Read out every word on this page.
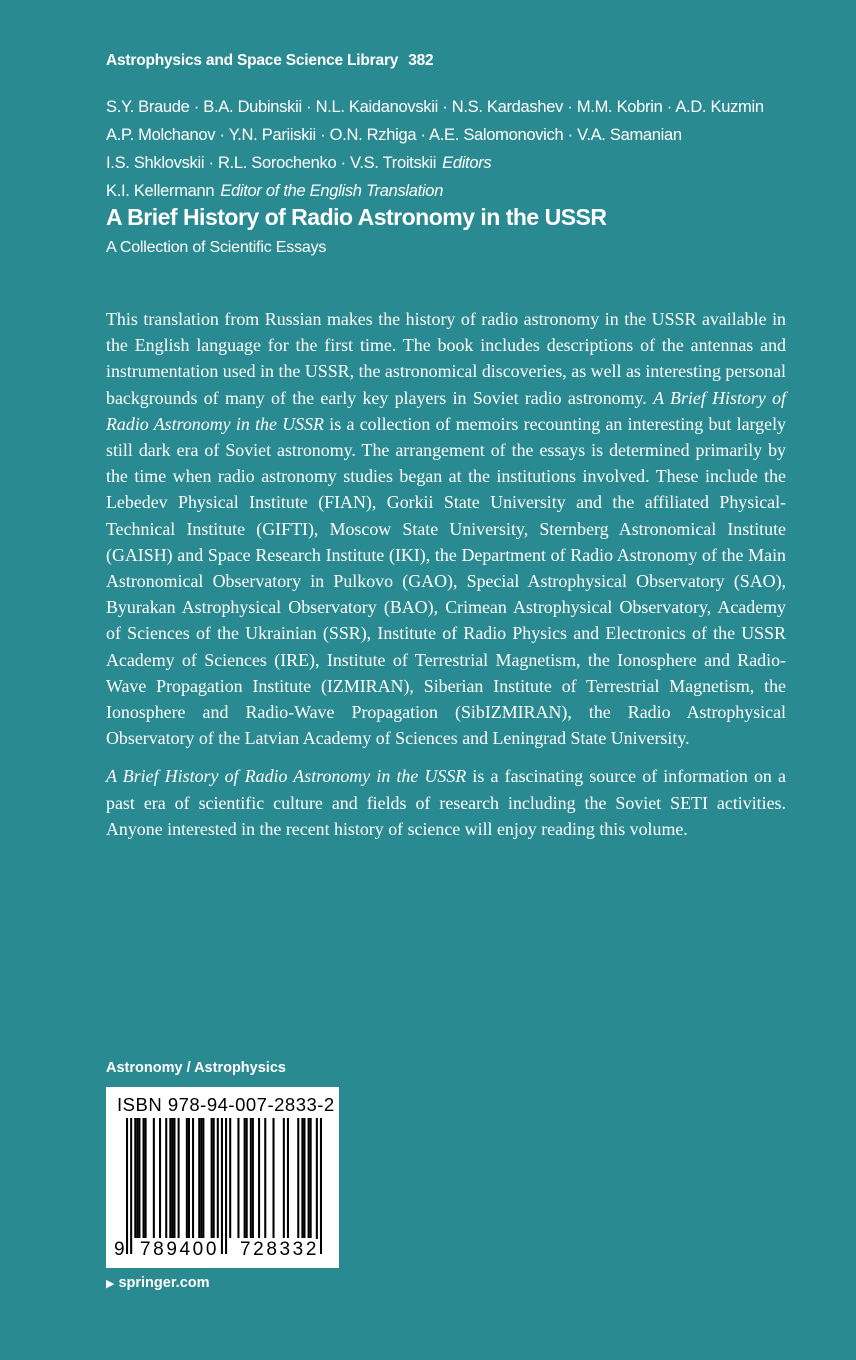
Astrophysics and Space Science Library 382
S.Y. Braude · B.A. Dubinskii · N.L. Kaidanovskii · N.S. Kardashev · M.M. Kobrin · A.D. Kuzmin
A.P. Molchanov · Y.N. Pariiskii · O.N. Rzhiga · A.E. Salomonovich · V.A. Samanian
I.S. Shklovskii · R.L. Sorochenko · V.S. Troitskii Editors
K.I. Kellermann Editor of the English Translation
A Brief History of Radio Astronomy in the USSR
A Collection of Scientific Essays

This translation from Russian makes the history of radio astronomy in the USSR available in the English language for the first time. The book includes descriptions of the antennas and instrumentation used in the USSR, the astronomical discoveries, as well as interesting personal backgrounds of many of the early key players in Soviet radio astronomy. A Brief History of Radio Astronomy in the USSR is a collection of memoirs recounting an interesting but largely still dark era of Soviet astronomy. The arrangement of the essays is determined primarily by the time when radio astronomy studies began at the institutions involved. These include the Lebedev Physical Institute (FIAN), Gorkii State University and the affiliated Physical-Technical Institute (GIFTI), Moscow State University, Sternberg Astronomical Institute (GAISH) and Space Research Institute (IKI), the Department of Radio Astronomy of the Main Astronomical Observatory in Pulkovo (GAO), Special Astrophysical Observatory (SAO), Byurakan Astrophysical Observatory (BAO), Crimean Astrophysical Observatory, Academy of Sciences of the Ukrainian (SSR), Institute of Radio Physics and Electronics of the USSR Academy of Sciences (IRE), Institute of Terrestrial Magnetism, the Ionosphere and Radio-Wave Propagation Institute (IZMIRAN), Siberian Institute of Terrestrial Magnetism, the Ionosphere and Radio-Wave Propagation (SibIZMIRAN), the Radio Astrophysical Observatory of the Latvian Academy of Sciences and Leningrad State University.

A Brief History of Radio Astronomy in the USSR is a fascinating source of information on a past era of scientific culture and fields of research including the Soviet SETI activities. Anyone interested in the recent history of science will enjoy reading this volume.

Astronomy / Astrophysics
ISBN 978-94-007-2833-2
9 789400 728332
▶ springer.com
